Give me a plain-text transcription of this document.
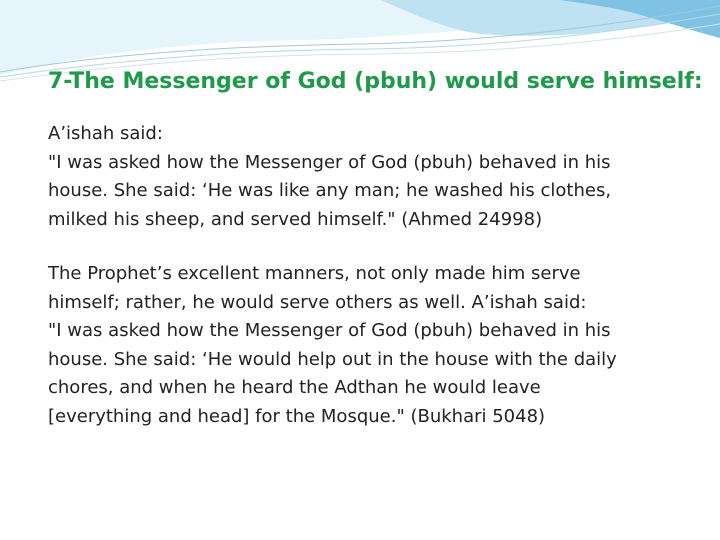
7-The Messenger of God (pbuh) would serve himself:

A’ishah said:
"I was asked how the Messenger of God (pbuh) behaved in his
house. She said: ‘He was like any man; he washed his clothes,
milked his sheep, and served himself." (Ahmed 24998)

The Prophet’s excellent manners, not only made him serve
himself; rather, he would serve others as well. A’ishah said:
"I was asked how the Messenger of God (pbuh) behaved in his
house. She said: ‘He would help out in the house with the daily
chores, and when he heard the Adthan he would leave
[everything and head] for the Mosque." (Bukhari 5048)
